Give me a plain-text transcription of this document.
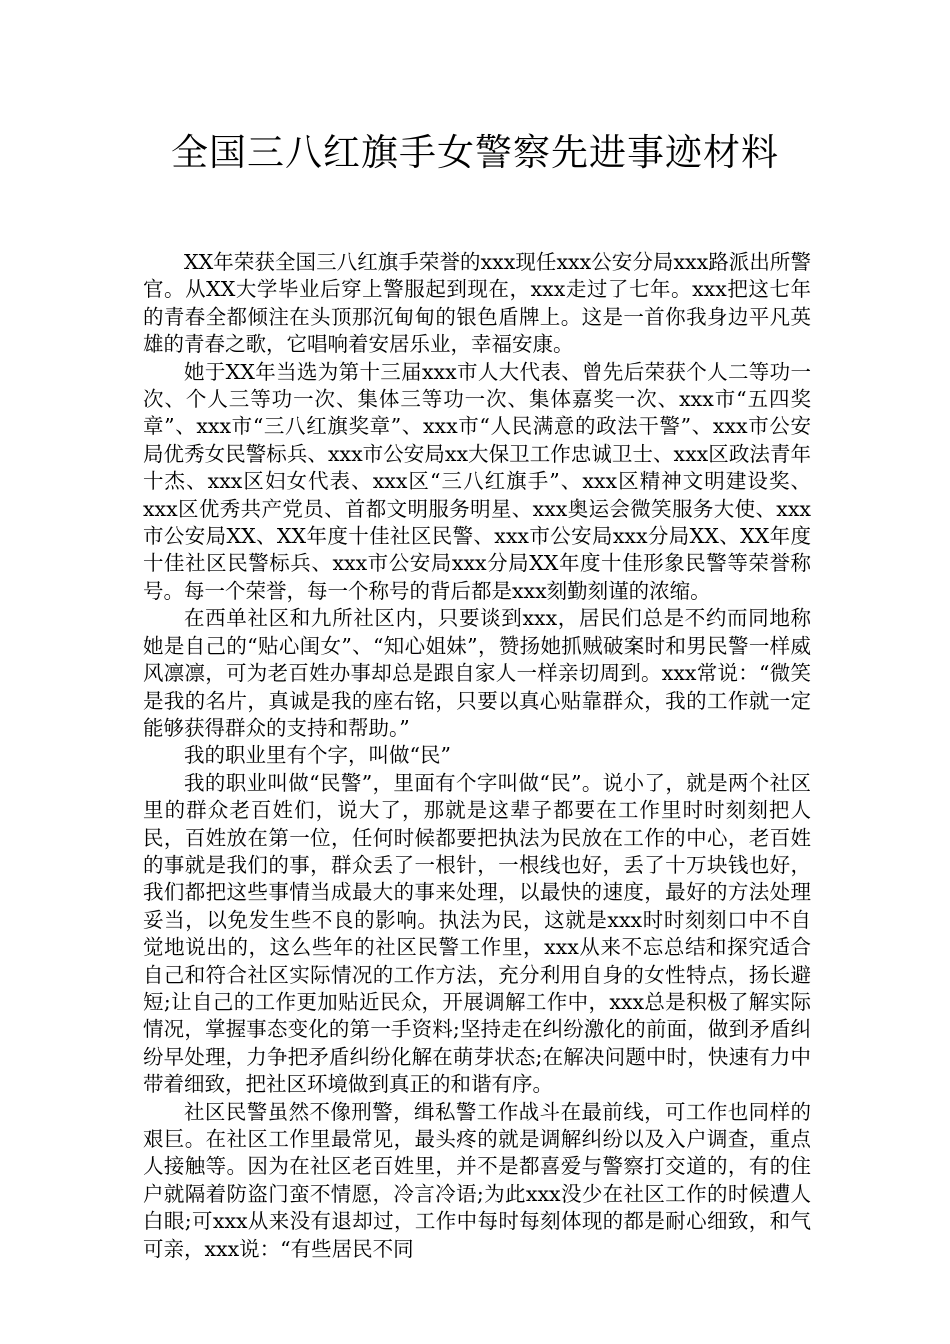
全国三八红旗手女警察先进事迹材料

XX年荣获全国三八红旗手荣誉的xxx现任xxx公安分局xxx路派出所警官。从XX大学毕业后穿上警服起到现在，xxx走过了七年。xxx把这七年的青春全都倾注在头顶那沉甸甸的银色盾牌上。这是一首你我身边平凡英雄的青春之歌，它唱响着安居乐业，幸福安康。

她于XX年当选为第十三届xxx市人大代表、曾先后荣获个人二等功一次、个人三等功一次、集体三等功一次、集体嘉奖一次、xxx市“五四奖章”、xxx市“三八红旗奖章”、xxx市“人民满意的政法干警”、xxx市公安局优秀女民警标兵、xxx市公安局xx大保卫工作忠诚卫士、xxx区政法青年十杰、xxx区妇女代表、xxx区“三八红旗手”、xxx区精神文明建设奖、xxx区优秀共产党员、首都文明服务明星、xxx奥运会微笑服务大使、xxx市公安局XX、XX年度十佳社区民警、xxx市公安局xxx分局XX、XX年度十佳社区民警标兵、xxx市公安局xxx分局XX年度十佳形象民警等荣誉称号。每一个荣誉，每一个称号的背后都是xxx刻勤刻谨的浓缩。

在西单社区和九所社区内，只要谈到xxx，居民们总是不约而同地称她是自己的“贴心闺女”、“知心姐妹”，赞扬她抓贼破案时和男民警一样威风凛凛，可为老百姓办事却总是跟自家人一样亲切周到。xxx常说：“微笑是我的名片，真诚是我的座右铭，只要以真心贴靠群众，我的工作就一定能够获得群众的支持和帮助。”

我的职业里有个字，叫做“民”

我的职业叫做“民警”，里面有个字叫做“民”。说小了，就是两个社区里的群众老百姓们，说大了，那就是这辈子都要在工作里时时刻刻把人民，百姓放在第一位，任何时候都要把执法为民放在工作的中心，老百姓的事就是我们的事，群众丢了一根针，一根线也好，丢了十万块钱也好，我们都把这些事情当成最大的事来处理，以最快的速度，最好的方法处理妥当，以免发生些不良的影响。执法为民，这就是xxx时时刻刻口中不自觉地说出的，这么些年的社区民警工作里，xxx从来不忘总结和探究适合自己和符合社区实际情况的工作方法，充分利用自身的女性特点，扬长避短;让自己的工作更加贴近民众，开展调解工作中，xxx总是积极了解实际情况，掌握事态变化的第一手资料;坚持走在纠纷激化的前面，做到矛盾纠纷早处理，力争把矛盾纠纷化解在萌芽状态;在解决问题中时，快速有力中带着细致，把社区环境做到真正的和谐有序。

社区民警虽然不像刑警，缉私警工作战斗在最前线，可工作也同样的艰巨。在社区工作里最常见，最头疼的就是调解纠纷以及入户调查，重点人接触等。因为在社区老百姓里，并不是都喜爱与警察打交道的，有的住户就隔着防盗门蛮不情愿，冷言冷语;为此xxx没少在社区工作的时候遭人白眼;可xxx从来没有退却过，工作中每时每刻体现的都是耐心细致，和气可亲，xxx说：“有些居民不同
